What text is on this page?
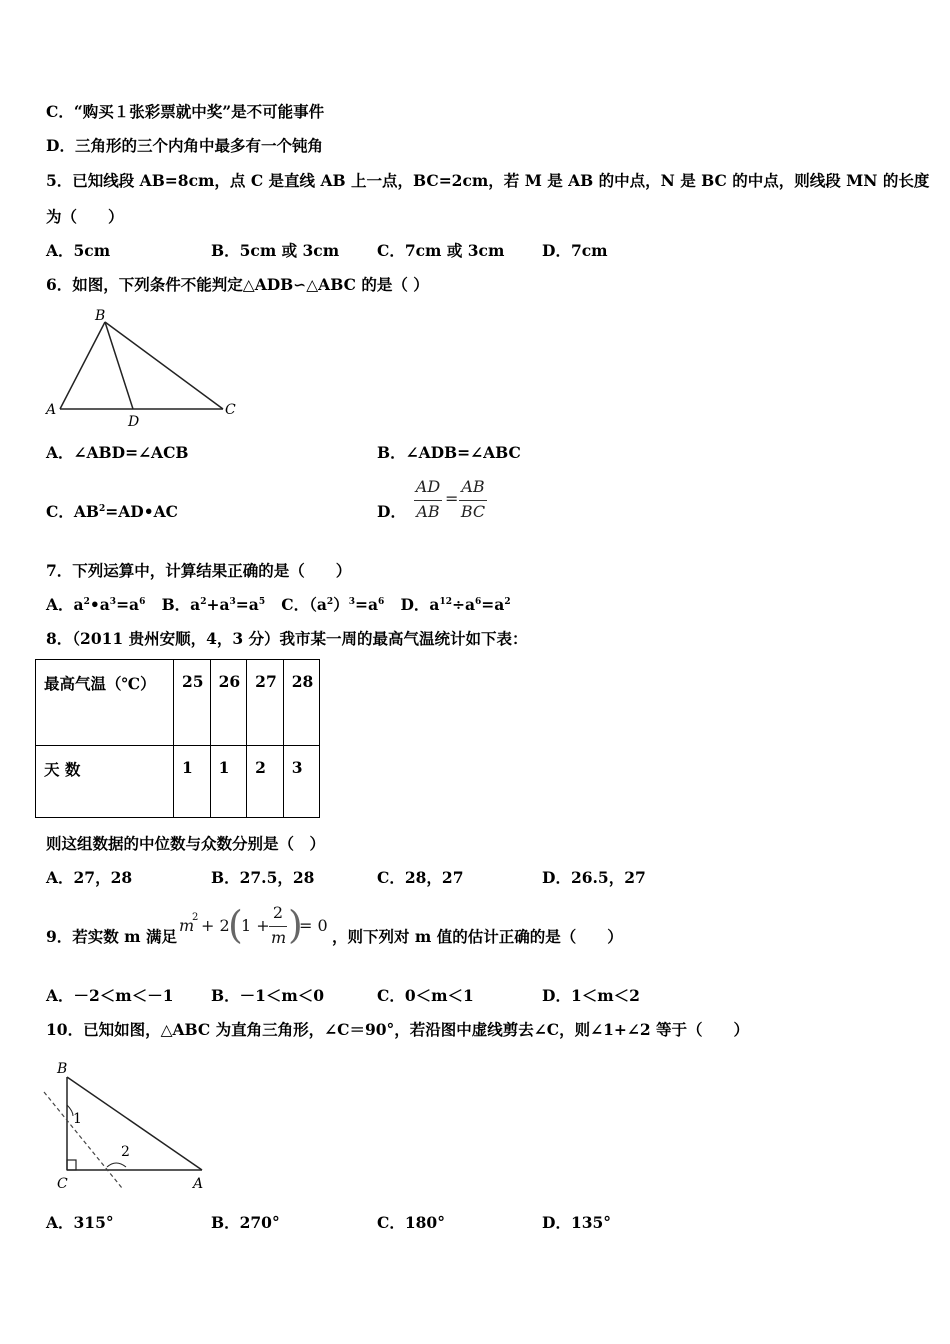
C．“购买１张彩票就中奖”是不可能事件
D．三角形的三个内角中最多有一个钝角
5．已知线段 AB=8cm，点 C 是直线 AB 上一点，BC=2cm，若 M 是 AB 的中点，N 是 BC 的中点，则线段 MN 的长度
为（　　）
A．5cm	B．5cm 或 3cm C．7cm 或 3cm D．7cm
6．如图，下列条件不能判定△ADB∽△ABC 的是（ ）
B
A
D
C
A．∠ABD=∠ACB	B．∠ADB=∠ABC
C．$AB^2=AD•AC$	D．
AD
AB
=
AB
BC
7．下列运算中，计算结果正确的是（　　）
A．$a^2•a^3=a^6$ B．$a^2+a^3=a^5$ C．$(a^2)^3=a^6$ D．$a^{12}\div a^6=a^2$
8．（2011 贵州安顺，4，3 分）我市某一周的最高气温统计如下表：
最高气温（℃）	25	26	27	28
天 数	1	1	2	3
则这组数据的中位数与众数分别是（　）
A．27，28	B．27.5，28	C．28，27	D．26.5，27
9．若实数 m 满足
m
2 + 2
(
1 +
2
m )
= 0
，则下列对 m 值的估计正确的是（　　）
A．－2＜m＜－1 B．－1＜m＜0	C．0＜m＜1	D．1＜m＜2
10．已知如图，△ABC 为直角三角形，∠C＝90°，若沿图中虚线剪去∠C，则∠1+∠2 等于（　　）
B
C	A
1
2
A．315°	B．270°	C．180°	D．135°
